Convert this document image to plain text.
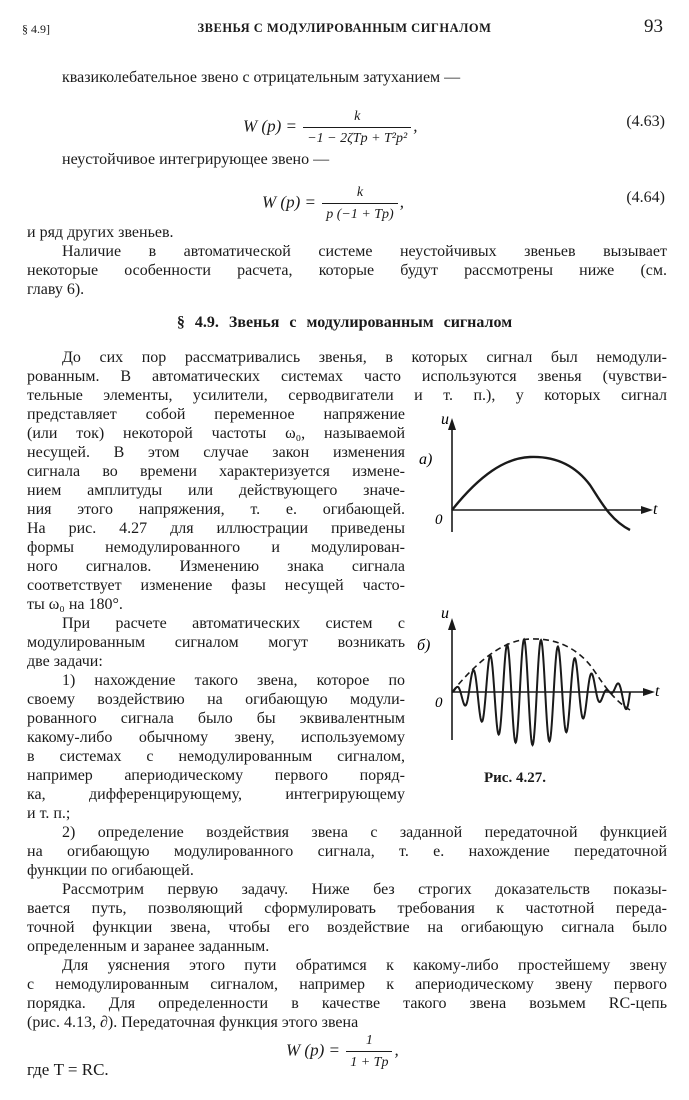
§ 4.9]	ЗВЕНЬЯ С МОДУЛИРОВАННЫМ СИГНАЛОМ	93
квазиколебательное звено с отрицательным затуханием —
W $(p) = \frac{k}{\text{−1 − 2ζTp + T²p²}}$ ,	(4.63)
неустойчивое интегрирующее звено —
W $(p) = \frac{k}{p (-1 + Tp)}$ ,	(4.64)
и ряд других звеньев.
Наличие в автоматической системе неустойчивых звеньев вызывает
некоторые особенности расчета, которые будут рассмотрены ниже (см.
главу 6).
§ 4.9. Звенья с модулированным сигналом
До сих пор рассматривались звенья, в которых сигнал был немодули-
рованным. В автоматических системах часто используются звенья (чувстви-
тельные элементы, усилители, серводвигатели и т. п.), у которых сигнал
представляет собой переменное напряжение
(или ток) некоторой частоты ω₀, называемой
несущей. В этом случае закон изменения
сигнала во времени характеризуется измене-
нием амплитуды или действующего значе-
ния этого напряжения, т. е. огибающей.
На рис. 4.27 для иллюстрации приведены
формы немодулированного и модулирован-
ного сигналов. Изменению знака сигнала
соответствует изменение фазы несущей часто-
ты ω₀ на 180°.
При расчете автоматических систем с
модулированным сигналом могут возникать
две задачи:
1) нахождение такого звена, которое по
своему воздействию на огибающую модули-
рованного сигнала было бы эквивалентным
какому-либо обычному звену, используемому
в системах с немодулированным сигналом,
например апериодическому первого поряд-
ка, дифференцирующему, интегрирующему
и т. п.;
2) определение воздействия звена с заданной передаточной функцией
на огибающую модулированного сигнала, т. е. нахождение передаточной
функции по огибающей.
Рассмотрим первую задачу. Ниже без строгих доказательств показы-
вается путь, позволяющий сформулировать требования к частотной переда-
точной функции звена, чтобы его воздействие на огибающую сигнала было
определенным и заранее заданным.
Для уяснения этого пути обратимся к какому-либо простейшему звену
с немодулированным сигналом, например к апериодическому звену первого
порядка. Для определенности в качестве такого звена возьмем RC-цепь
(рис. 4.13, ∂). Передаточная функция этого звена
W $(p) = \frac{1}{1 + Tp}$ ,
где T = RC.
u
а)
0
t
u
б)
0
t
Рис. 4.27.
